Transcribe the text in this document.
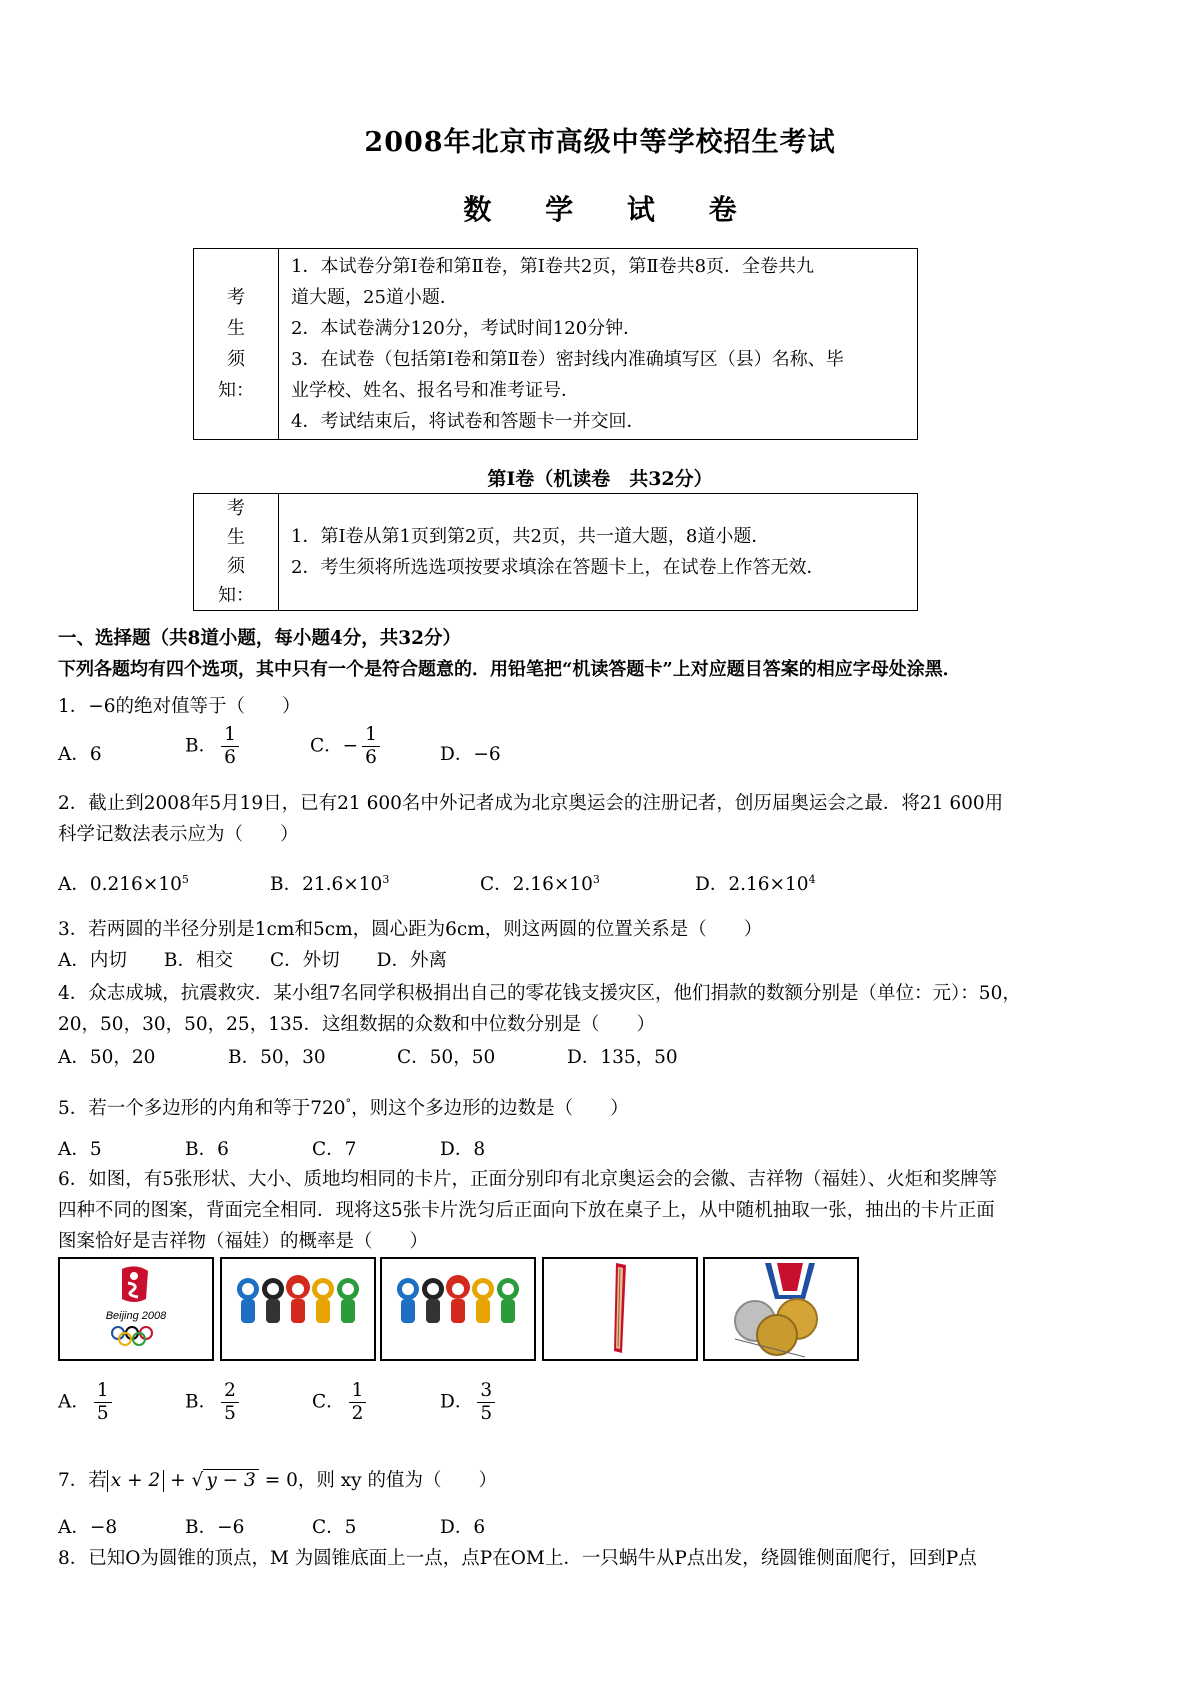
2008年北京市高级中等学校招生考试
数 学 试 卷
考
生
须
知：

1．本试卷分第Ⅰ卷和第Ⅱ卷，第Ⅰ卷共2页，第Ⅱ卷共8页．全卷共九
道大题，25道小题．
2．本试卷满分120分，考试时间120分钟．
3．在试卷（包括第Ⅰ卷和第Ⅱ卷）密封线内准确填写区（县）名称、毕
业学校、姓名、报名号和准考证号．
4．考试结束后，将试卷和答题卡一并交回．
第Ⅰ卷（机读卷　共32分）
考
生
须
知：

1．第Ⅰ卷从第1页到第2页，共2页，共一道大题，8道小题．
2．考生须将所选选项按要求填涂在答题卡上，在试卷上作答无效．
一、选择题（共8道小题，每小题4分，共32分）
下列各题均有四个选项，其中只有一个是符合题意的．用铅笔把“机读答题卡”上对应题目答案的相应字母处涂黑．
1．−6的绝对值等于（　　）
A．6	B． $\frac{1}{6}$	C．− $\frac{1}{6}$	D．−6
2．截止到2008年5月19日，已有21 600名中外记者成为北京奥运会的注册记者，创历届奥运会之最．将21 600用
科学记数法表示应为（　　）
A．$0.216\times 10^5$	B．$21.6\times 10^3$	C．$2.16\times 10^3$	D．$2.16\times 10^4$
3．若两圆的半径分别是1cm和5cm，圆心距为6cm，则这两圆的位置关系是（　　）
A．内切　　B．相交　　C．外切　　D．外离
4．众志成城，抗震救灾．某小组7名同学积极捐出自己的零花钱支援灾区，他们捐款的数额分别是（单位：元）：50，
20，50，30，50，25，135．这组数据的众数和中位数分别是（　　）
A．50，20	B．50，30	C．50，50	D．135，50
5．若一个多边形的内角和等于720°，则这个多边形的边数是（　　）
A．5	B．6	C．7	D．8
6．如图，有5张形状、大小、质地均相同的卡片，正面分别印有北京奥运会的会徽、吉祥物（福娃）、火炬和奖牌等
四种不同的图案，背面完全相同．现将这5张卡片洗匀后正面向下放在桌子上，从中随机抽取一张，抽出的卡片正面
图案恰好是吉祥物（福娃）的概率是（　　）
Beijing 2008
A． $\frac{1}{5}$	B． $\frac{2}{5}$	C． $\frac{1}{2}$	D． $\frac{3}{5}$
7．若 x + 2 + √ y − 3 = 0，则 xy 的值为（　　）
A．−8	B．−6	C．5	D．6
8．已知O为圆锥的顶点，M 为圆锥底面上一点，点P在OM上．一只蜗牛从P点出发，绕圆锥侧面爬行，回到P点
